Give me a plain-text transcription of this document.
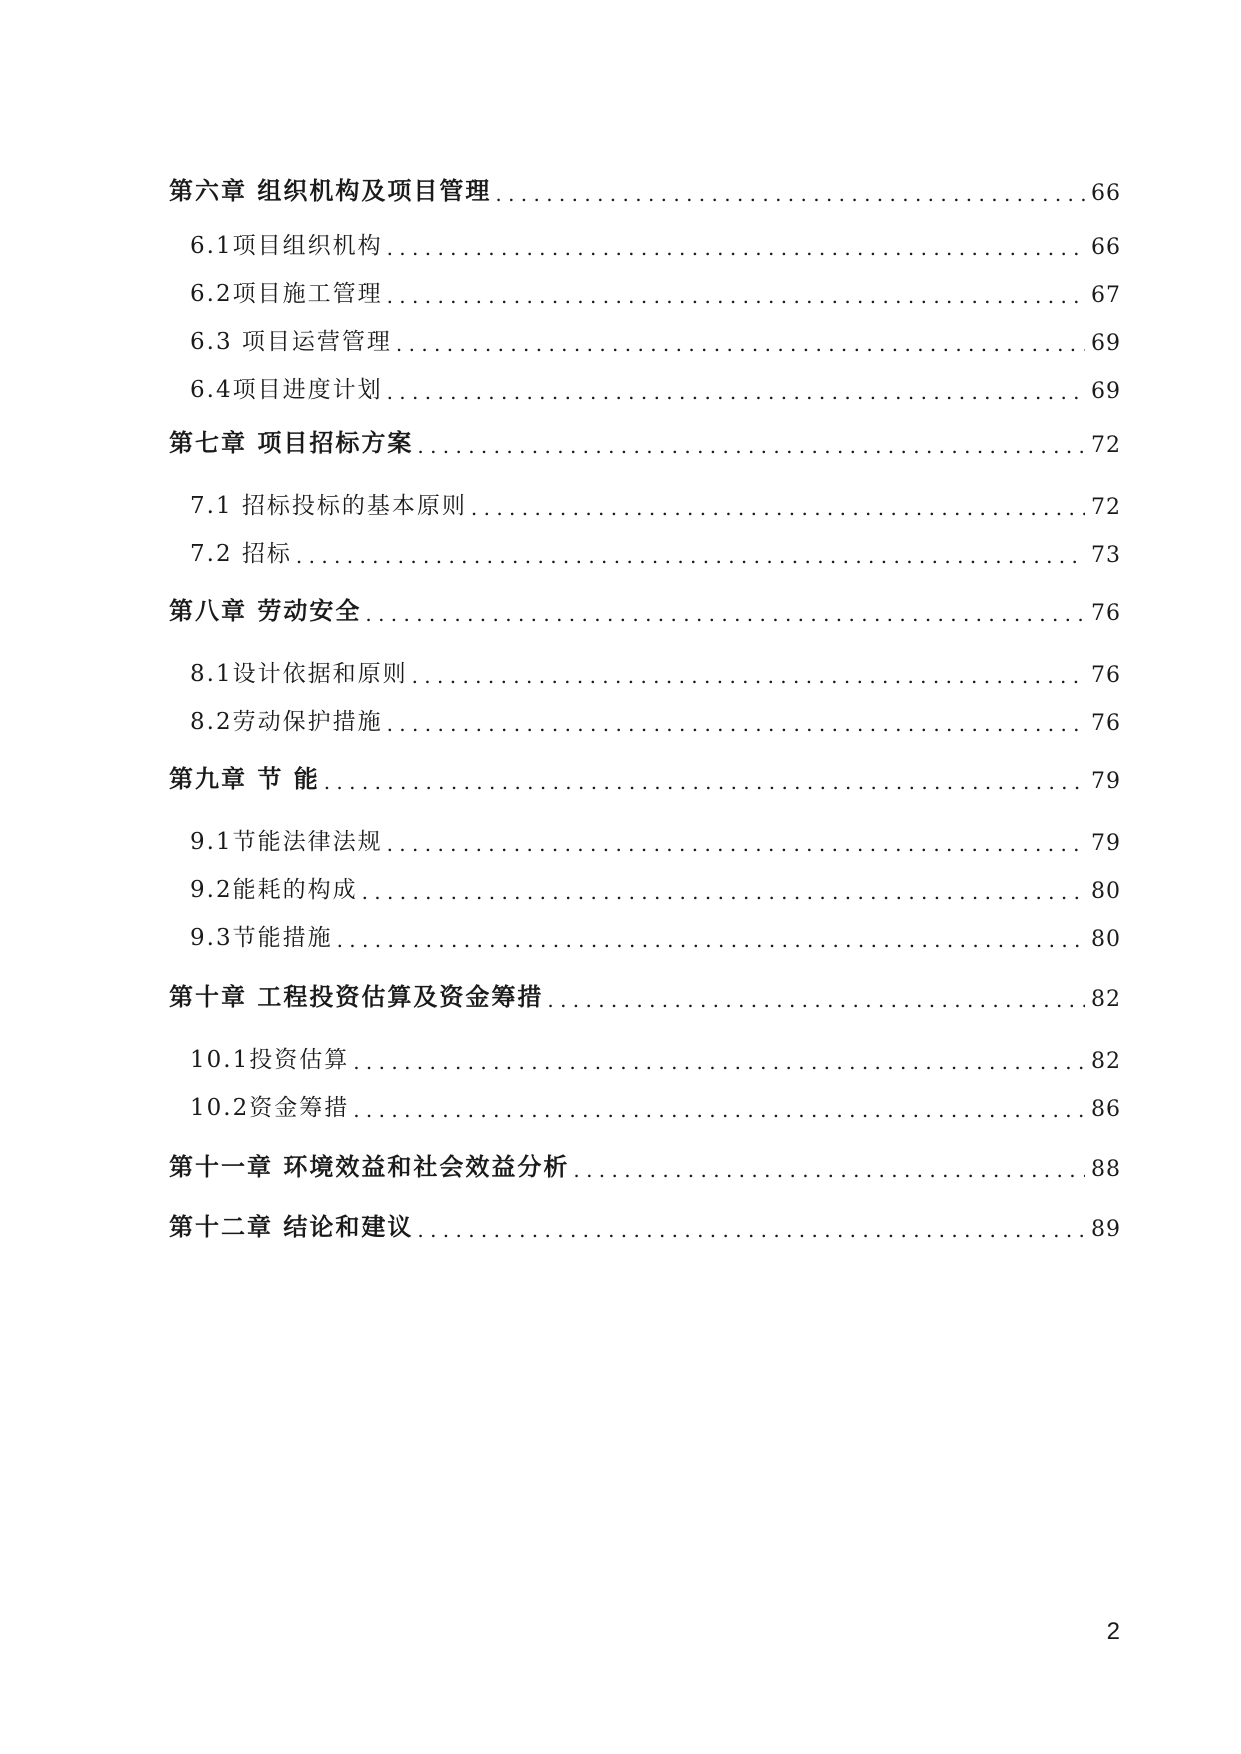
第六章 组织机构及项目管理 . . .	66
6.1项目组织机构 . . .	66
6.2项目施工管理 . . .	67
6.3 项目运营管理 . . .	69
6.4项目进度计划 . . .	69
第七章 项目招标方案 . . .	72
7.1 招标投标的基本原则 . . .	72
7.2 招标 . . .	73
第八章 劳动安全 . . .	76
8.1设计依据和原则 . . .	76
8.2劳动保护措施 . . .	76
第九章 节 能 . . .	79
9.1节能法律法规 . . .	79
9.2能耗的构成 . . .	80
9.3节能措施 . . .	80
第十章 工程投资估算及资金筹措 . . .	82
10.1投资估算 . . .	82
10.2资金筹措 . . .	86
第十一章 环境效益和社会效益分析 . . .	88
第十二章 结论和建议 . . .	89
2
